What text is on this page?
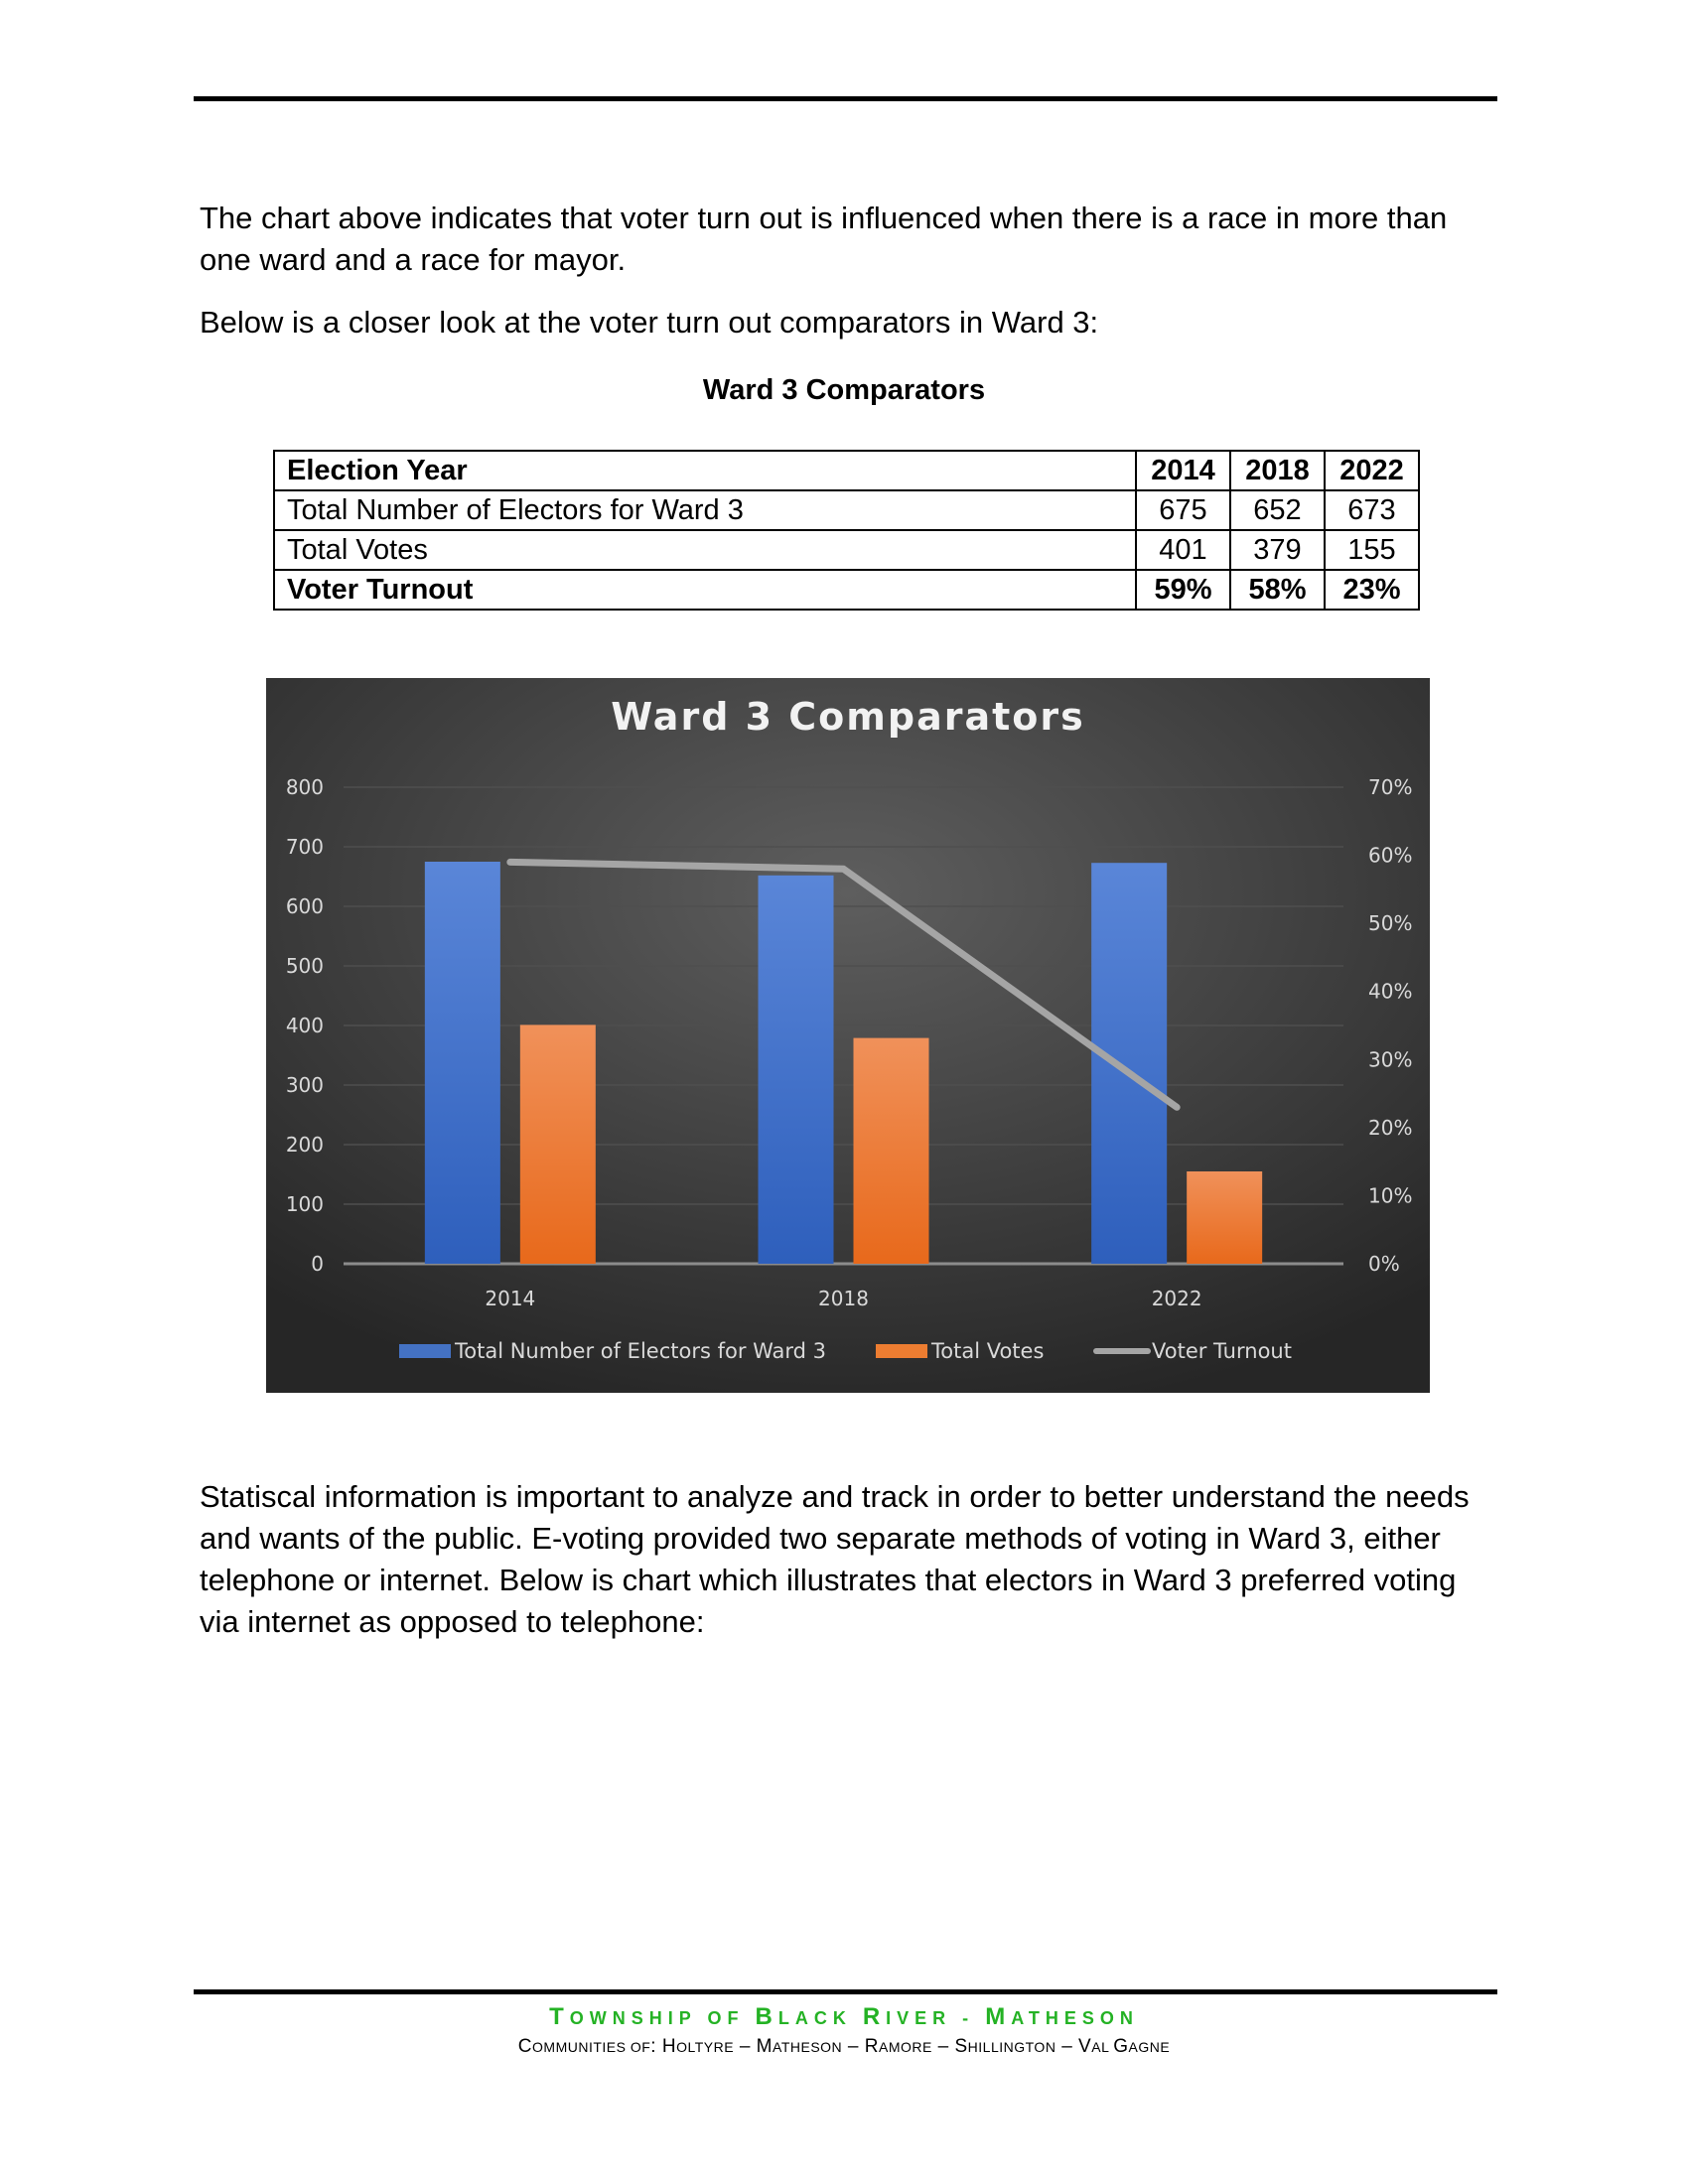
The chart above indicates that voter turn out is influenced when there is a race in more than one ward and a race for mayor.

Below is a closer look at the voter turn out comparators in Ward 3:

Ward 3 Comparators
Election Year	2014	2018	2022
Total Number of Electors for Ward 3	675	652	673
Total Votes	401	379	155
Voter Turnout	59%	58%	23%
Ward 3 Comparators
0
100
200
300
400
500
600
700
800
0%
10%
20%
30%
40%
50%
60%
70%
2014	2018	2022
Total Number of Electors for Ward 3	Total Votes	Voter Turnout

Statiscal information is important to analyze and track in order to better understand the needs and wants of the public. E-voting provided two separate methods of voting in Ward 3, either telephone or internet. Below is chart which illustrates that electors in Ward 3 preferred voting via internet as opposed to telephone:

TOWNSHIP OF BLACK RIVER - MATHESON
COMMUNITIES OF: HOLTYRE – MATHESON – RAMORE – SHILLINGTON – VAL GAGNE
